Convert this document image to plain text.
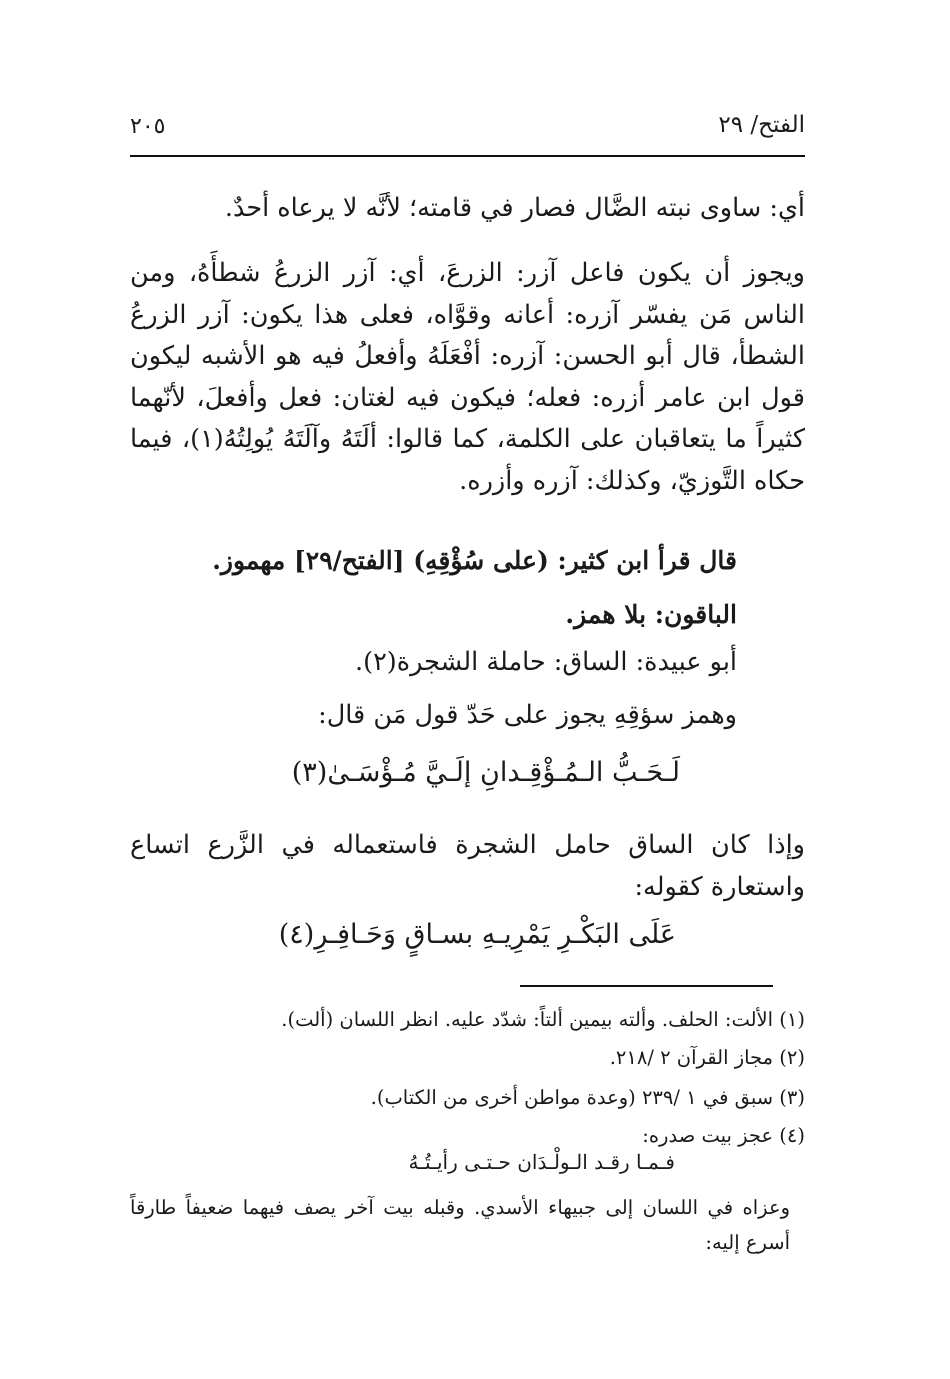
٢٠٥	الفتح/ ٢٩
أي: ساوى نبته الضَّال فصار في قامته؛ لأنَّه لا يرعاه أحدٌ.
ويجوز أن يكون فاعل آزر: الزرعَ، أي: آزر الزرعُ شطأَهُ، ومن الناس مَن يفسّر آزره: أعانه وقوَّاه، فعلى هذا يكون: آزر الزرعُ الشطأ، قال أبو الحسن: آزره: أفْعَلَهُ وأفعلُ فيه هو الأشبه ليكون قول ابن عامر أزره: فعله؛ فيكون فيه لغتان: فعل وأفعلَ، لأنّهما كثيراً ما يتعاقبان على الكلمة، كما قالوا: ألَتَهُ وآلَتَهُ يُولِتُهُ(١)، فيما حكاه التَّوزيّ، وكذلك: آزره وأزره.
قال قرأ ابن كثير: (على سُؤْقِهِ) [الفتح/٢٩] مهموز.
الباقون: بلا همز.
أبو عبيدة: الساق: حاملة الشجرة(٢).
وهمز سؤقِهِ يجوز على حَدّ قول مَن قال:
لَـحَـبُّ الـمُـؤْقِـدانِ إلَـيَّ مُـؤْسَـىٰ(٣)
وإذا كان الساق حامل الشجرة فاستعماله في الزَّرع اتساع واستعارة كقوله:
عَلَى البَكْـرِ يَمْرِيـهِ بسـاقٍ وَحَـافِـرِ(٤)
(١) الألت: الحلف. وألته بيمين ألتاً: شدّد عليه. انظر اللسان (ألت).
(٢) مجاز القرآن ٢ /٢١٨.
(٣) سبق في ١ /٢٣٩ (وعدة مواطن أخرى من الكتاب).
(٤) عجز بيت صدره:
فـمـا رقـد الـولْـدَان حـتـى رأيـتُـهُ
وعزاه في اللسان إلى جبيهاء الأسدي. وقبله بيت آخر يصف فيهما ضعيفاً طارقاً أسرع إليه:
